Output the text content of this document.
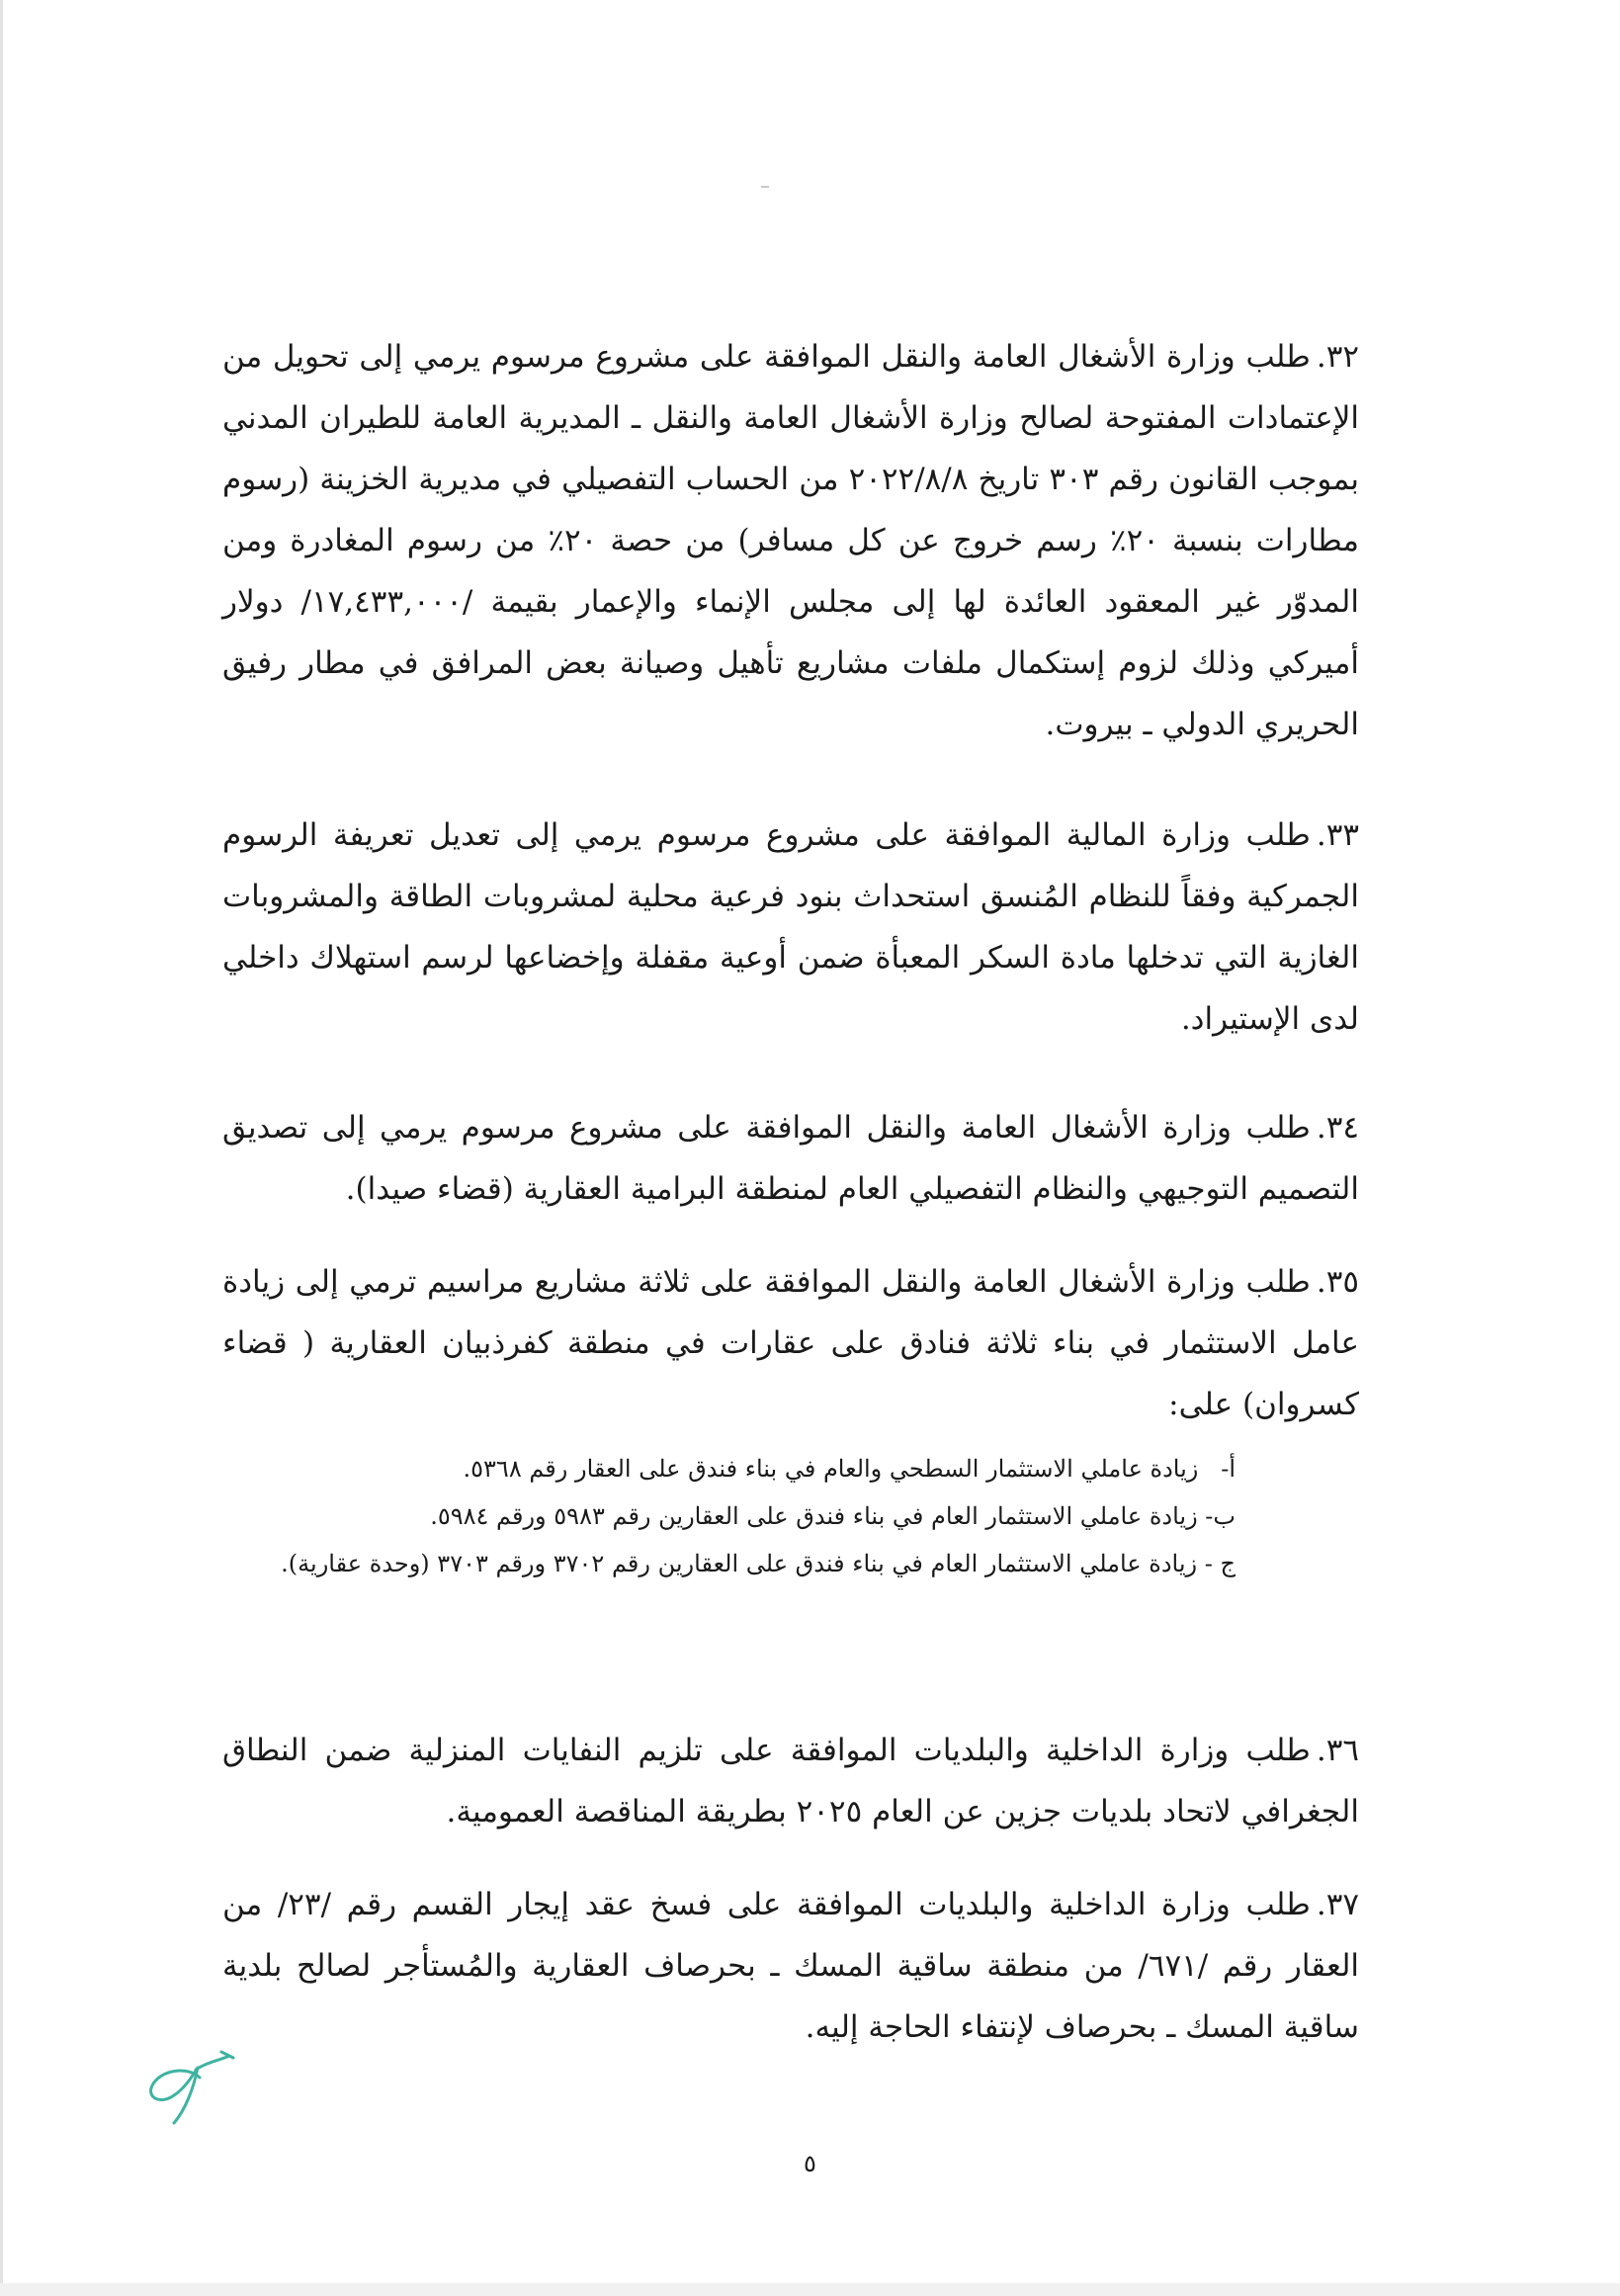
٣٢.طلب وزارة الأشغال العامة والنقل الموافقة على مشروع مرسوم يرمي إلى تحويل من الإعتمادات المفتوحة لصالح وزارة الأشغال العامة والنقل ـ المديرية العامة للطيران المدني بموجب القانون رقم ٣٠٣ تاريخ ٢٠٢٢/٨/٨ من الحساب التفصيلي في مديرية الخزينة (رسوم مطارات بنسبة ٢٠٪ رسم خروج عن كل مسافر) من حصة ٢٠٪ من رسوم المغادرة ومن المدوّر غير المعقود العائدة لها إلى مجلس الإنماء والإعمار بقيمة /١٧,٤٣٣,٠٠٠/ دولار أميركي وذلك لزوم إستكمال ملفات مشاريع تأهيل وصيانة بعض المرافق في مطار رفيق الحريري الدولي ـ بيروت.
٣٣.طلب وزارة المالية الموافقة على مشروع مرسوم يرمي إلى تعديل تعريفة الرسوم الجمركية وفقاً للنظام المُنسق استحداث بنود فرعية محلية لمشروبات الطاقة والمشروبات الغازية التي تدخلها مادة السكر المعبأة ضمن أوعية مقفلة وإخضاعها لرسم استهلاك داخلي لدى الإستيراد.
٣٤.طلب وزارة الأشغال العامة والنقل الموافقة على مشروع مرسوم يرمي إلى تصديق التصميم التوجيهي والنظام التفصيلي العام لمنطقة البرامية العقارية (قضاء صيدا).
٣٥.طلب وزارة الأشغال العامة والنقل الموافقة على ثلاثة مشاريع مراسيم ترمي إلى زيادة عامل الاستثمار في بناء ثلاثة فنادق على عقارات في منطقة كفرذبيان العقارية ( قضاء كسروان) على:
أ- زيادة عاملي الاستثمار السطحي والعام في بناء فندق على العقار رقم ٥٣٦٨.
ب- زيادة عاملي الاستثمار العام في بناء فندق على العقارين رقم ٥٩٨٣ ورقم ٥٩٨٤.
ج - زيادة عاملي الاستثمار العام في بناء فندق على العقارين رقم ٣٧٠٢ ورقم ٣٧٠٣ (وحدة عقارية).
٣٦.طلب وزارة الداخلية والبلديات الموافقة على تلزيم النفايات المنزلية ضمن النطاق الجغرافي لاتحاد بلديات جزين عن العام ٢٠٢٥ بطريقة المناقصة العمومية.
٣٧.طلب وزارة الداخلية والبلديات الموافقة على فسخ عقد إيجار القسم رقم /٢٣/ من العقار رقم /٦٧١/ من منطقة ساقية المسك ـ بحرصاف العقارية والمُستأجر لصالح بلدية ساقية المسك ـ بحرصاف لإنتفاء الحاجة إليه.
٥
